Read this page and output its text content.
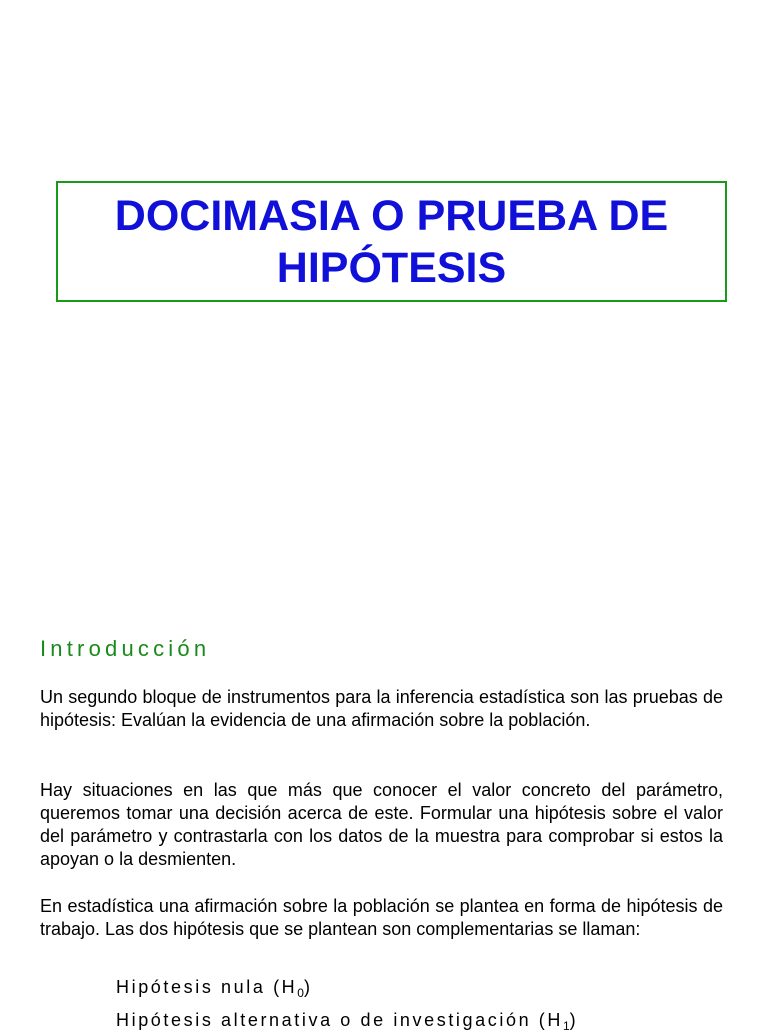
DOCIMASIA O PRUEBA DE
HIPÓTESIS
Introducción
Un segundo bloque de instrumentos para la inferencia estadística son las pruebas de hipótesis: Evalúan la evidencia de una afirmación sobre la población.
Hay situaciones en las que más que conocer el valor concreto del parámetro, queremos tomar una decisión acerca de este. Formular una hipótesis sobre el valor del parámetro y contrastarla con los datos de la muestra para comprobar si estos la apoyan o la desmienten.
En estadística una afirmación sobre la población se plantea en forma de hipótesis de trabajo. Las dos hipótesis que se plantean son complementarias se llaman:
Hipótesis nula $(H_0)$
Hipótesis alternativa o de investigación $(H_1)$
